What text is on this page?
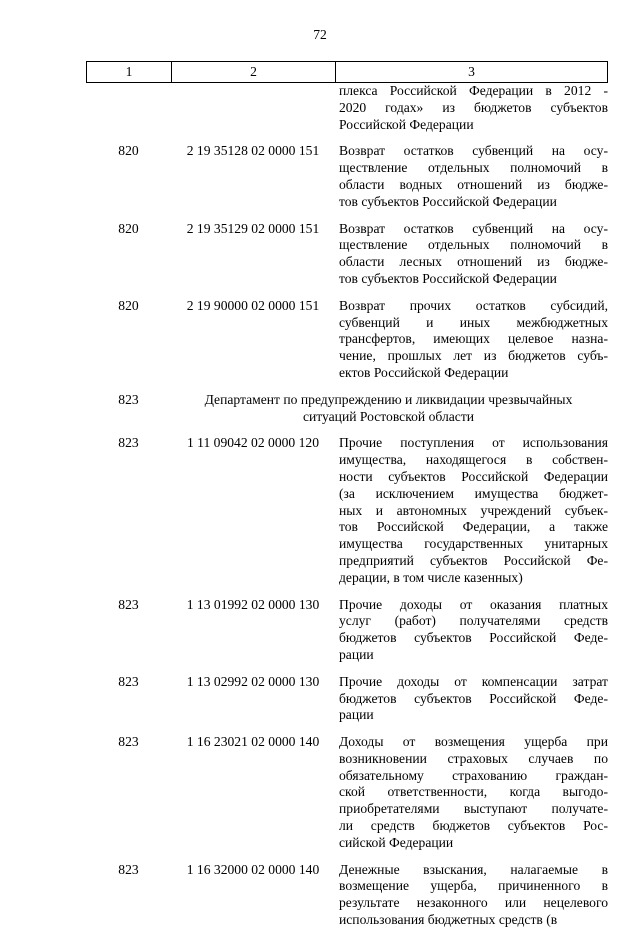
72
1	2	3
плекса Российской Федерации в 2012 -
2020 годах» из бюджетов субъектов
Российской Федерации
820	2 19 35128 02 0000 151	Возврат остатков субвенций на осу-
ществление отдельных полномочий в
области водных отношений из бюдже-
тов субъектов Российской Федерации
820	2 19 35129 02 0000 151	Возврат остатков субвенций на осу-
ществление отдельных полномочий в
области лесных отношений из бюдже-
тов субъектов Российской Федерации
820	2 19 90000 02 0000 151	Возврат прочих остатков субсидий,
субвенций и иных межбюджетных
трансфертов, имеющих целевое назна-
чение, прошлых лет из бюджетов субъ-
ектов Российской Федерации
823	Департамент по предупреждению и ликвидации чрезвычайных
ситуаций Ростовской области
823	1 11 09042 02 0000 120	Прочие поступления от использования
имущества, находящегося в собствен-
ности субъектов Российской Федерации
(за исключением имущества бюджет-
ных и автономных учреждений субъек-
тов Российской Федерации, а также
имущества государственных унитарных
предприятий субъектов Российской Фе-
дерации, в том числе казенных)
823	1 13 01992 02 0000 130	Прочие доходы от оказания платных
услуг (работ) получателями средств
бюджетов субъектов Российской Феде-
рации
823	1 13 02992 02 0000 130	Прочие доходы от компенсации затрат
бюджетов субъектов Российской Феде-
рации
823	1 16 23021 02 0000 140	Доходы от возмещения ущерба при
возникновении страховых случаев по
обязательному страхованию граждан-
ской ответственности, когда выгодо-
приобретателями выступают получате-
ли средств бюджетов субъектов Рос-
сийской Федерации
823	1 16 32000 02 0000 140	Денежные взыскания, налагаемые в
возмещение ущерба, причиненного в
результате незаконного или нецелевого
использования бюджетных средств (в
